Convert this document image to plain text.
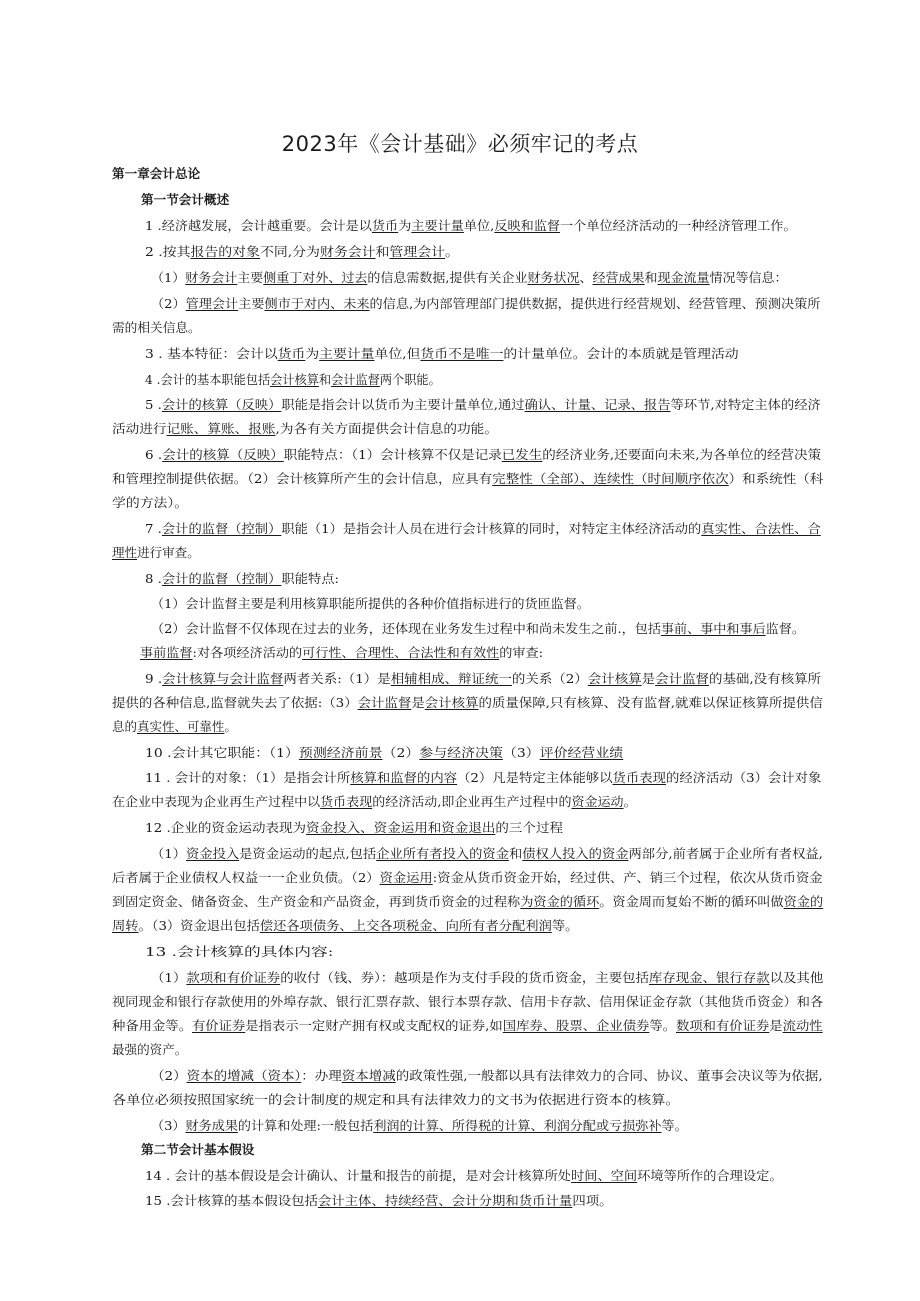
2023年《会计基础》必须牢记的考点
第一章会计总论
第一节会计概述
1 .经济越发展，会计越重要。会计是以货币为主要计量单位,反映和监督一个单位经济活动的一种经济管理工作。
2 .按其报告的对象不同,分为财务会计和管理会计。
（1）财务会计主要侧重丁对外、过去的信息需数据,提供有关企业财务状况、经营成果和现金流量情况等信息：
（2）管理会计主要侧市于对内、未来的信息,为内部管理部门提供数据，提供进行经营规划、经营管理、预测决策所
需的相关信息。
3 . 基本特征：会计以货币为主要计量单位,但货币不是唯一的计量单位。会计的本质就是管理活动
4 .会计的基本职能包括会计核算和会计监督两个职能。
5 .会计的核算（反映）职能是指会计以货币为主要计量单位,通过确认、计量、记录、报告等环节,对特定主体的经济
活动进行记账、算账、报账,为各有关方面提供会计信息的功能。
6 .会计的核算（反映）职能特点：（1）会计核算不仅是记录已发生的经济业务,还要面向未来,为各单位的经营决策
和管理控制提供依据。（2）会计核算所产生的会计信息，应具有完整性（全部）、连续性（时间顺序依次）和系统性（科
学的方法）。
7 .会计的监督（控制）职能（1）是指会计人员在进行会计核算的同时，对特定主体经济活动的真实性、合法性、合
理性进行审查。
8 .会计的监督（控制）职能特点:
（1）会计监督主要是利用核算职能所提供的各种价值指标进行的货匝监督。
（2）会计监督不仅体现在过去的业务，还体现在业务发生过程中和尚未发生之前.，包括事前、事中和事后监督。
事前监督:对各项经济活动的可行性、合理性、合法性和有效性的审查:
9 .会计核算与会计监督两者关系:（1）是相辅相成、辩证统一的关系（2）会计核算是会计监督的基础,没有核算所
提供的各种信息,监督就失去了依据:（3）会计监督是会计核算的质量保障,只有核算、没有监督,就难以保证核算所提供信
息的真实性、可靠性。
10 .会计其它职能：（1）预测经济前景（2）参与经济决策（3）评价经营业绩
11 . 会计的对象：（1）是指会计所核算和监督的内容（2）凡是特定主体能够以货币表现的经济活动（3）会计对象
在企业中表现为企业再生产过程中以货币表现的经济活动,即企业再生产过程中的资金运动。
12 .企业的资金运动表现为资金投入、资金运用和资金退出的三个过程
（1）资金投入是资金运动的起点,包括企业所有者投入的资金和债权人投入的资金两部分,前者属于企业所有者权益,
后者属于企业债权人权益一一企业负债。（2）资金运用:资金从货币资金开始，经过供、产、销三个过程，依次从货币资金
到固定资金、储备资金、生产资金和产品资金，再到货币资金的过程称为资金的循环。资金周而复始不断的循环叫做资金的
周转。（3）资金退出包括偿还各项债务、上交各项税金、向所有者分配利润等。
13 .会计核算的具体内容:
（1）款项和有价证券的收付（钱、券）：越项是作为支付手段的货币资金，主要包括库存现金、银行存款以及其他
视同现金和银行存款使用的外埠存款、银行汇票存款、银行本票存款、信用卡存款、信用保证金存款（其他货币资金）和各
种备用金等。有价证券是指表示一定财产拥有权或支配权的证券,如国库券、股票、企业债券等。数项和有价证券是流动性
最强的资产。
（2）资本的增减（资本）：办理资本增减的政策性强,一般都以具有法律效力的合同、协议、董事会决议等为依据,
各单位必须按照国家统一的会计制度的规定和具有法律效力的文书为依据进行资本的核算。
（3）财务成果的计算和处理:一般包括利润的计算、所得税的计算、利润分配或亏损弥补等。
第二节会计基本假设
14 . 会计的基本假设是会计确认、计量和报告的前提，是对会计核算所处时间、空间环境等所作的合理设定。
15 .会计核算的基本假设包括会计主体、持续经营、会计分期和货币计量四项。
